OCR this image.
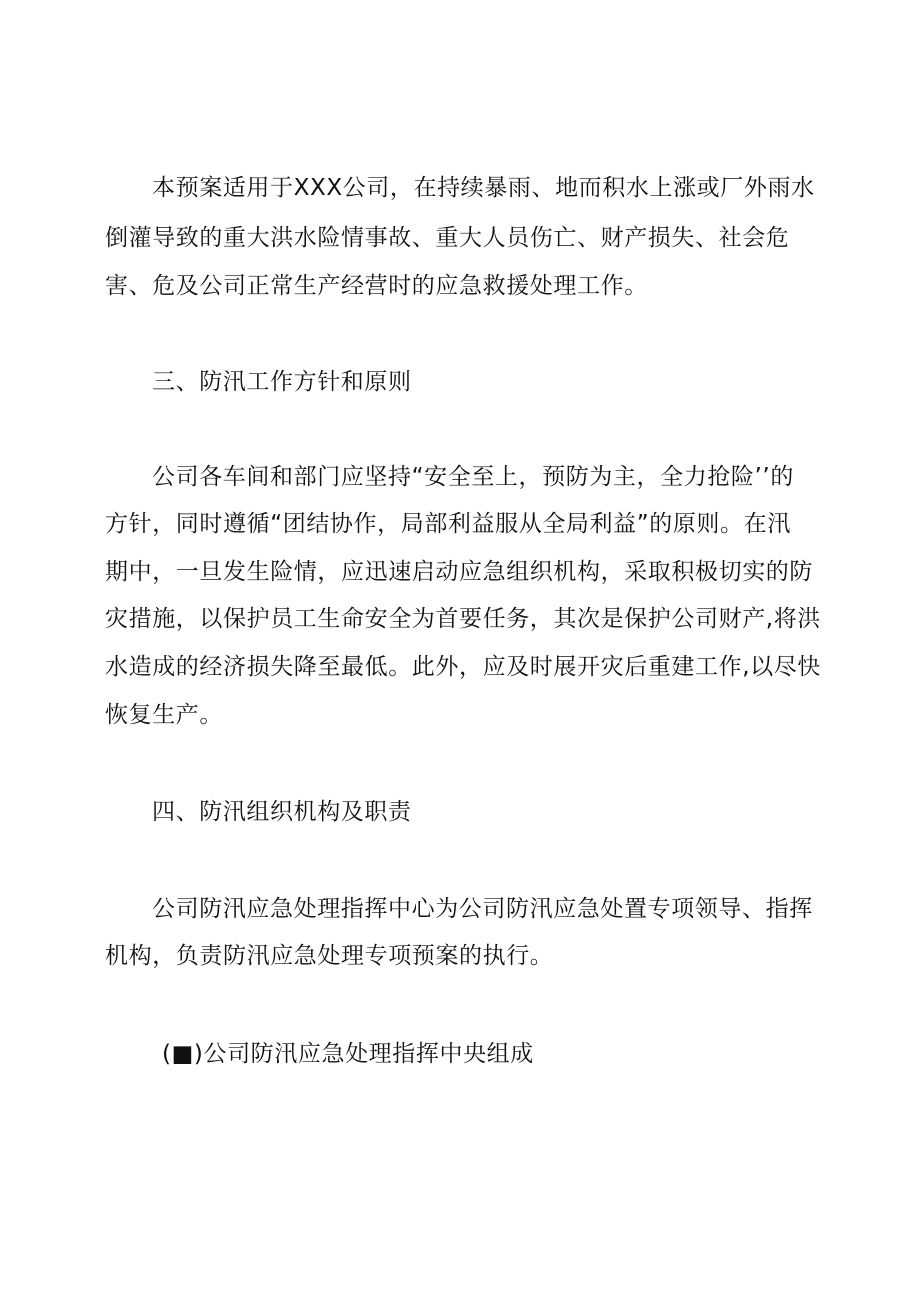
本预案适用于XXX公司，在持续暴雨、地而积水上涨或厂外雨水
倒灌导致的重大洪水险情事故、重大人员伤亡、财产损失、社会危
害、危及公司正常生产经营时的应急救援处理工作。
三、防汛工作方针和原则
公司各车间和部门应坚持“安全至上，预防为主，全力抢险’’的
方针，同时遵循“团结协作，局部利益服从全局利益”的原则。在汛
期中，一旦发生险情，应迅速启动应急组织机构，采取积极切实的防
灾措施，以保护员工生命安全为首要任务，其次是保护公司财产,将洪
水造成的经济损失降至最低。此外，应及时展开灾后重建工作,以尽快
恢复生产。
四、防汛组织机构及职责
公司防汛应急处理指挥中心为公司防汛应急处置专项领导、指挥
机构，负责防汛应急处理专项预案的执行。
(■)公司防汛应急处理指挥中央组成
